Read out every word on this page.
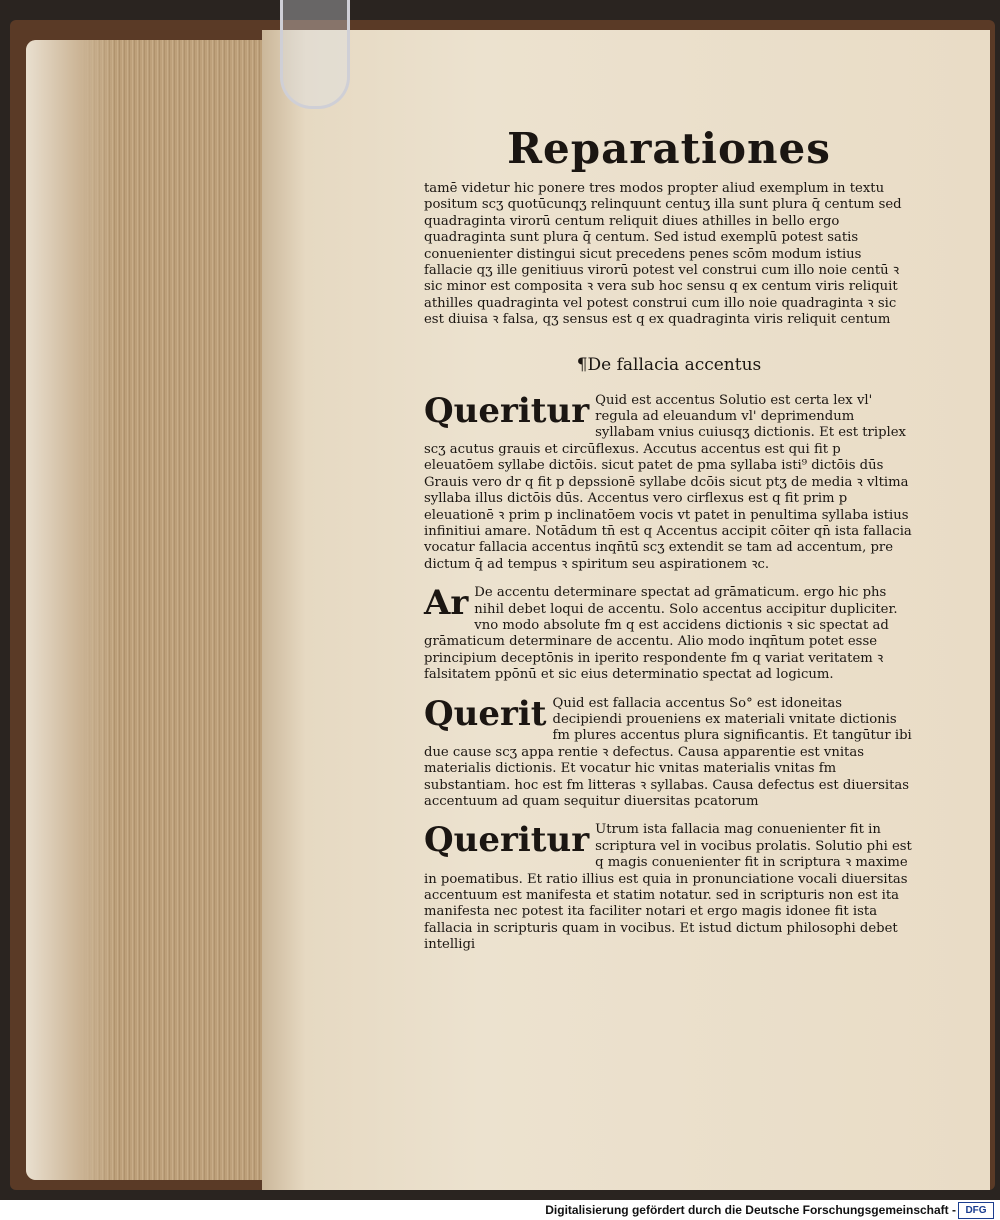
Reparationes

tamē videtur hic ponere tres modos propter aliud exemplum in textu positum scʒ quotūcunqʒ relinquunt centuʒ illa sunt plura q̄ centum sed quadraginta virorū centum reliquit diues athilles in bello ergo quadraginta sunt plura q̄ centum. Sed istud exemplū potest satis conuenienter distingui sicut precedens penes scōm modum istius fallacie qʒ ille genitiuus virorū potest vel construi cum illo noie centū ꝛ sic minor est composita ꝛ vera sub hoc sensu q ex centum viris reliquit athilles quadraginta vel potest construi cum illo noie quadraginta ꝛ sic est diuisa ꝛ falsa, qʒ sensus est q ex quadraginta viris reliquit centum

¶De fallacia accentus
Queritur Quid est accentus Solutio est certa lex vl' regula ad eleuandum vl' deprimendum syllabam vnius cuiusqʒ dictionis. Et est triplex scʒ acutus grauis et circūflexus. Accutus accentus est qui fit p eleuatōem syllabe dictōis. sicut patet de pma syllaba isti⁹ dictōis dūs Grauis vero dr q fit p depssionē syllabe dcōis sicut ptʒ de media ꝛ vltima syllaba illus dictōis dūs. Accentus vero cirflexus est q fit prim p eleuationē ꝛ prim p inclinatōem vocis vt patet in penultima syllaba istius infinitiui amare. Notādum tn̄ est q Accentus accipit cōiter qn̄ ista fallacia vocatur fallacia accentus inqn̄tū scʒ extendit se tam ad accentum, pre dictum q̄ ad tempus ꝛ spiritum seu aspirationem ꝛc.
Ar De accentu determinare spectat ad grāmaticum. ergo hic phs nihil debet loqui de accentu. Solo accentus accipitur dupliciter. vno modo absolute fm q est accidens dictionis ꝛ sic spectat ad grāmaticum determinare de accentu. Alio modo inqn̄tum potet esse principium deceptōnis in iperito respondente fm q variat veritatem ꝛ falsitatem ppōnū et sic eius determinatio spectat ad logicum.
Querit Quid est fallacia accentus So° est idoneitas decipiendi proueniens ex materiali vnitate dictionis fm plures accentus plura significantis. Et tangūtur ibi due cause scʒ appa rentie ꝛ defectus. Causa apparentie est vnitas materialis dictionis. Et vocatur hic vnitas materialis vnitas fm substantiam. hoc est fm litteras ꝛ syllabas. Causa defectus est diuersitas accentuum ad quam sequitur diuersitas pcatorum
Queritur Utrum ista fallacia mag conuenienter fit in scriptura vel in vocibus prolatis. Solutio phi est q magis conuenienter fit in scriptura ꝛ maxime in poematibus. Et ratio illius est quia in pronunciatione vocali diuersitas accentuum est manifesta et statim notatur. sed in scripturis non est ita manifesta nec potest ita faciliter notari et ergo magis idonee fit ista fallacia in scripturis quam in vocibus. Et istud dictum philosophi debet intelligi
Digitalisierung gefördert durch die Deutsche Forschungsgemeinschaft - DFG
